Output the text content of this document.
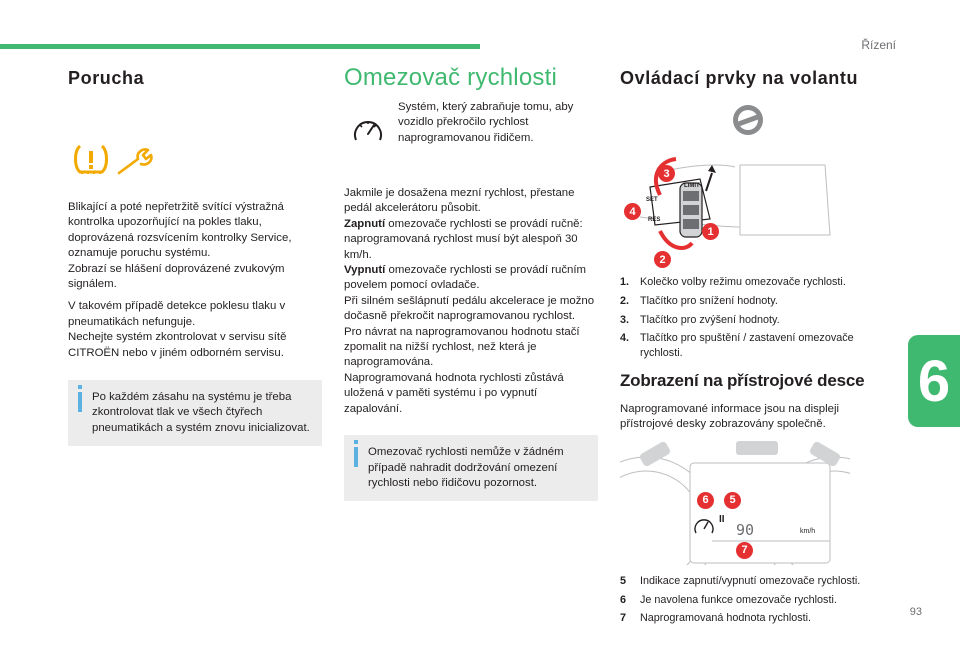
Řízení
6
93
Porucha

Blikající a poté nepřetržitě svítící výstražná kontrolka upozorňující na pokles tlaku, doprovázená rozsvícením kontrolky Service, oznamuje poruchu systému.

Zobrazí se hlášení doprovázené zvukovým signálem.

V takovém případě detekce poklesu tlaku v pneumatikách nefunguje.

Nechejte systém zkontrolovat v servisu sítě CITROËN nebo v jiném odborném servisu.

Po každém zásahu na systému je třeba zkontrolovat tlak ve všech čtyřech pneumatikách a systém znovu inicializovat.
Omezovač rychlosti

Systém, který zabraňuje tomu, aby vozidlo překročilo rychlost naprogramovanou řidičem.

Jakmile je dosažena mezní rychlost, přestane pedál akcelerátoru působit.

Zapnutí omezovače rychlosti se provádí ručně: naprogramovaná rychlost musí být alespoň 30 km/h.

Vypnutí omezovače rychlosti se provádí ručním povelem pomocí ovladače.

Při silném sešlápnutí pedálu akcelerace je možno dočasně překročit naprogramovanou rychlost.

Pro návrat na naprogramovanou hodnotu stačí zpomalit na nižší rychlost, než která je naprogramována.

Naprogramovaná hodnota rychlosti zůstává uložená v paměti systému i po vypnutí zapalování.

Omezovač rychlosti nemůže v žádném případě nahradit dodržování omezení rychlosti nebo řidičovu pozornost.
Ovládací prvky na volantu
LIMIT
SET
RES
3
4
1
2
1.	Kolečko volby režimu omezovače rychlosti.
2.	Tlačítko pro snížení hodnoty.
3.	Tlačítko pro zvýšení hodnoty.
4.	Tlačítko pro spuštění / zastavení omezovače rychlosti.
Zobrazení na přístrojové desce

Naprogramované informace jsou na displeji přístrojové desky zobrazovány společně.

II
90	km/h
6	5
7
5	Indikace zapnutí/vypnutí omezovače rychlosti.
6	Je navolena funkce omezovače rychlosti.
7	Naprogramovaná hodnota rychlosti.
